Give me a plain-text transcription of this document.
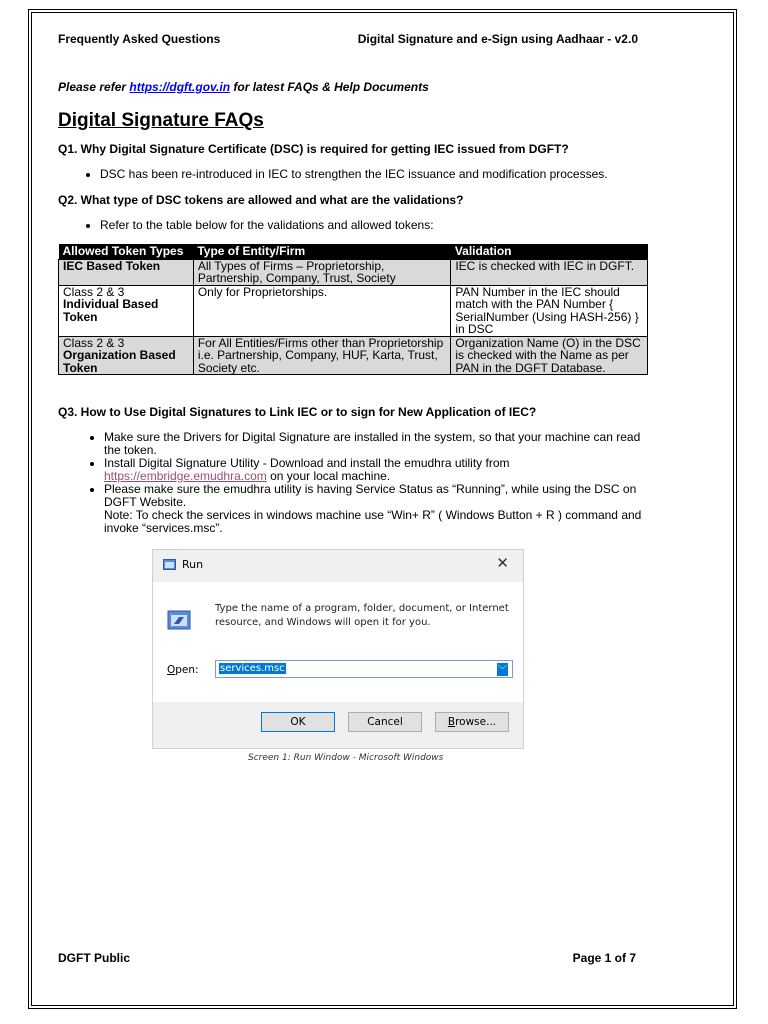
Frequently Asked Questions	Digital Signature and e-Sign using Aadhaar - v2.0
Please refer https://dgft.gov.in for latest FAQs & Help Documents
Digital Signature FAQs
Q1. Why Digital Signature Certificate (DSC) is required for getting IEC issued from DGFT?
• DSC has been re-introduced in IEC to strengthen the IEC issuance and modification processes.
Q2. What type of DSC tokens are allowed and what are the validations?
• Refer to the table below for the validations and allowed tokens:
Allowed Token Types	Type of Entity/Firm	Validation
IEC Based Token	All Types of Firms – Proprietorship, Partnership, Company, Trust, Society	IEC is checked with IEC in DGFT.
Class 2 & 3
Individual Based Token	Only for Proprietorships.	PAN Number in the IEC should match with the PAN Number { SerialNumber (Using HASH-256) } in DSC
Class 2 & 3
Organization Based Token	For All Entities/Firms other than Proprietorship i.e. Partnership, Company, HUF, Karta, Trust, Society etc.	Organization Name (O) in the DSC is checked with the Name as per PAN in the DGFT Database.
Q3. How to Use Digital Signatures to Link IEC or to sign for New Application of IEC?
• Make sure the Drivers for Digital Signature are installed in the system, so that your machine can read the token.
• Install Digital Signature Utility - Download and install the emudhra utility from https://embridge.emudhra.com on your local machine.
• Please make sure the emudhra utility is having Service Status as “Running”, while using the DSC on DGFT Website.
Note: To check the services in windows machine use “Win+ R” ( Windows Button + R ) command and invoke “services.msc”.
Run	✕
Type the name of a program, folder, document, or Internet resource, and Windows will open it for you.
Open:	services.msc	﹀
OK	Cancel	Browse...
Screen 1: Run Window - Microsoft Windows
DGFT Public	Page 1 of 7
